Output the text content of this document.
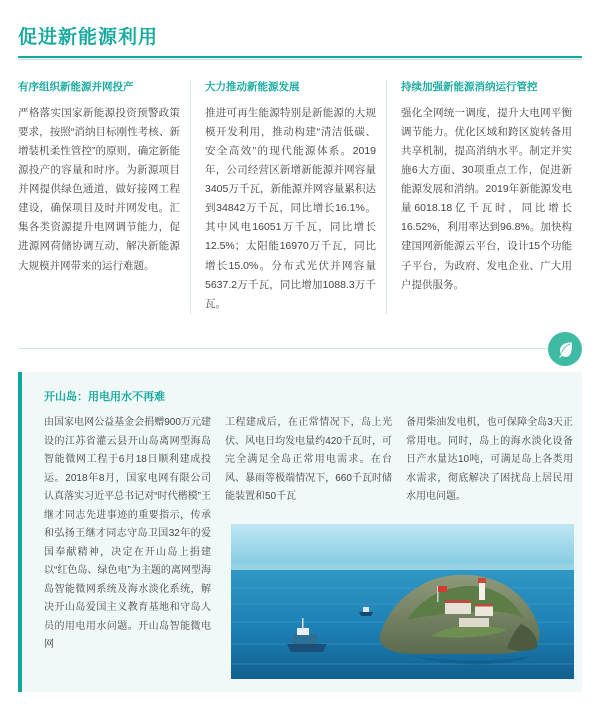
促进新能源利用
有序组织新能源并网投产
严格落实国家新能源投资预警政策要求，按照“消纳目标刚性考核、新增装机柔性管控”的原则，确定新能源投产的容量和时序。为新源项目并网提供绿色通道，做好接网工程建设，确保项目及时并网发电。汇集各类资源提升电网调节能力，促进源网荷储协调互动，解决新能源大规模并网带来的运行难题。
大力推动新能源发展
推进可再生能源特别是新能源的大规模开发利用，推动构建“清洁低碳、安全高效”的现代能源体系。2019年，公司经营区新增新能源并网容量3405万千瓦，新能源并网容量累积达到34842万千瓦，同比增长16.1%。其中风电16051万千瓦，同比增长12.5%；太阳能16970万千瓦，同比增长15.0%。分布式光伏并网容量5637.2万千瓦，同比增加1088.3万千瓦。
持续加强新能源消纳运行管控
强化全网统一调度，提升大电网平衡调节能力。优化区域和跨区旋转备用共享机制，提高消纳水平。制定并实施6大方面、30项重点工作，促进新能源发展和消纳。2019年新能源发电量6018.18亿千瓦时，同比增长16.52%，利用率达到96.8%。加快构建国网新能源云平台，设计15个功能子平台，为政府、发电企业、广大用户提供服务。
开山岛：用电用水不再难
由国家电网公益基金会捐赠900万元建设的江苏省灌云县开山岛离网型海岛智能微网工程于6月18日顺利建成投运。2018年8月，国家电网有限公司认真落实习近平总书记对“时代楷模”王继才同志先进事迹的重要指示，传承和弘扬王继才同志守岛卫国32年的爱国奉献精神，决定在开山岛上捐建以“红色岛、绿色电”为主题的离网型海岛智能微网系统及海水淡化系统，解决开山岛爱国主义教育基地和守岛人员的用电用水问题。开山岛智能微电网
工程建成后，在正常情况下，岛上光伏、风电日均发电量约420千瓦时，可完全满足全岛正常用电需求。在台风、暴雨等极端情况下，660千瓦时储能装置和50千瓦
备用柴油发电机，也可保障全岛3天正常用电。同时，岛上的海水淡化设备日产水量达10吨，可满足岛上各类用水需求，彻底解决了困扰岛上居民用水用电问题。
